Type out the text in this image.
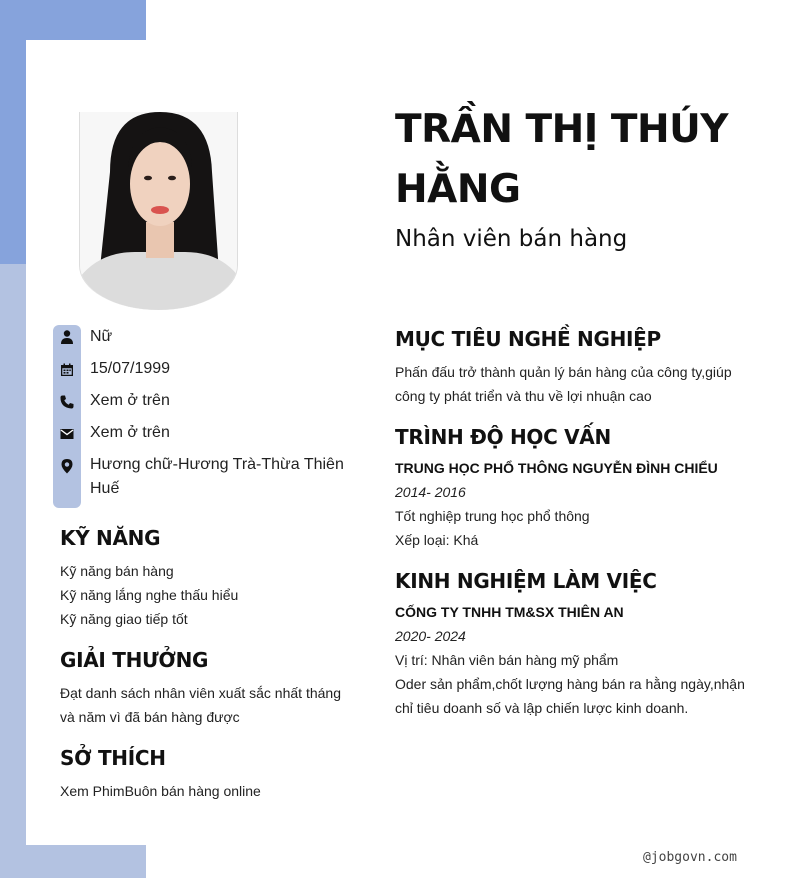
Nữ
15/07/1999
Xem ở trên
Xem ở trên
Hương chữ-Hương Trà-Thừa Thiên Huế
KỸ NĂNG
Kỹ năng bán hàng
Kỹ năng lắng nghe thấu hiểu
Kỹ năng giao tiếp tốt
GIẢI THƯỞNG
Đạt danh sách nhân viên xuất sắc nhất tháng
và năm vì đã bán hàng được
SỞ THÍCH
Xem PhimBuôn bán hàng online
TRẦN THỊ THÚY HẰNG
Nhân viên bán hàng
MỤC TIÊU NGHỀ NGHIỆP
Phấn đấu trở thành quản lý bán hàng của công ty,giúp
công ty phát triển và thu về lợi nhuận cao
TRÌNH ĐỘ HỌC VẤN
TRUNG HỌC PHỔ THÔNG NGUYỄN ĐÌNH CHIỂU
2014- 2016
Tốt nghiệp trung học phổ thông
Xếp loại: Khá
KINH NGHIỆM LÀM VIỆC
CỐNG TY TNHH TM&SX THIÊN AN
2020- 2024
Vị trí: Nhân viên bán hàng mỹ phẩm
Oder sản phẩm,chốt lượng hàng bán ra hằng ngày,nhận
chỉ tiêu doanh số và lập chiến lược kinh doanh.
@jobgovn.com
